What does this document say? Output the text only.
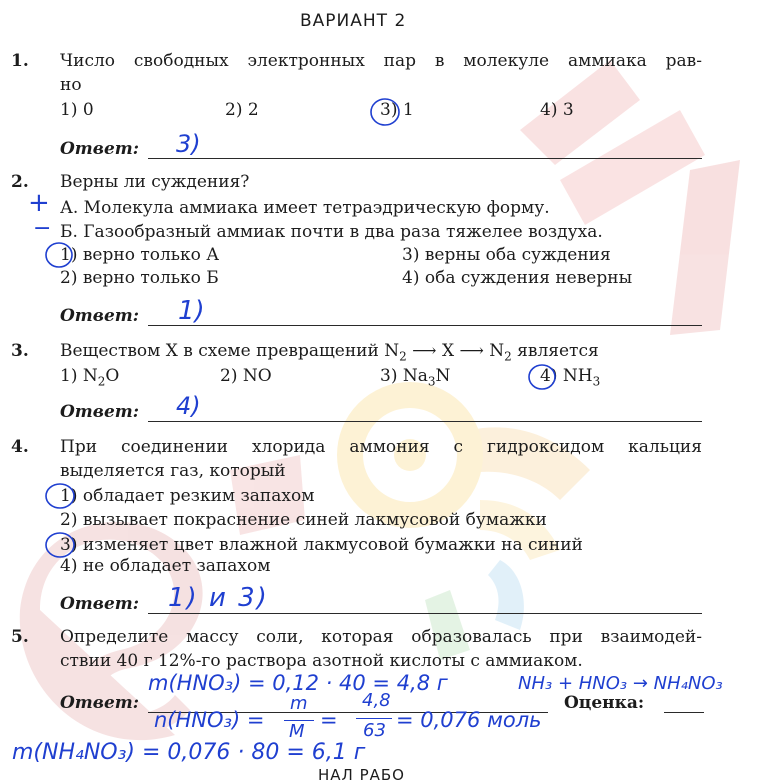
ВАРИАНТ 2
1. Число свободных электронных пар в молекуле аммиака рав-
но
1) 0	2) 2	3) 1	4) 3
Ответ: 3)
2. Верны ли суждения?
+ А. Молекула аммиака имеет тетраэдрическую форму.
− Б. Газообразный аммиак почти в два раза тяжелее воздуха.
1) верно только А	3) верны оба суждения
2) верно только Б	4) оба суждения неверны
Ответ: 1)
3. Веществом X в схеме превращений $N_2$ ⟶ X ⟶ $N_2$ является
1) $N_2O$	2) NO	3) $Na_3N$	4) $NH_3$
Ответ: 4)
4. При соединении хлорида аммония с гидроксидом кальция
выделяется газ, который
1) обладает резким запахом
2) вызывает покраснение синей лакмусовой бумажки
3) изменяет цвет влажной лакмусовой бумажки на синий
4) не обладает запахом
Ответ: 1) и 3)
5. Определите массу соли, которая образовалась при взаимодей-
ствии 40 г 12%-го раствора азотной кислоты с аммиаком.
Ответ:	Оценка:
m(HNO₃) = 0,12 · 40 = 4,8 г	NH₃ + HNO₃ → NH₄NO₃
n(HNO₃) =
m
M =
4,8
63 = 0,076 моль
m(NH₄NO₃) = 0,076 · 80 = 6,1 г
НАЛ РАБО
